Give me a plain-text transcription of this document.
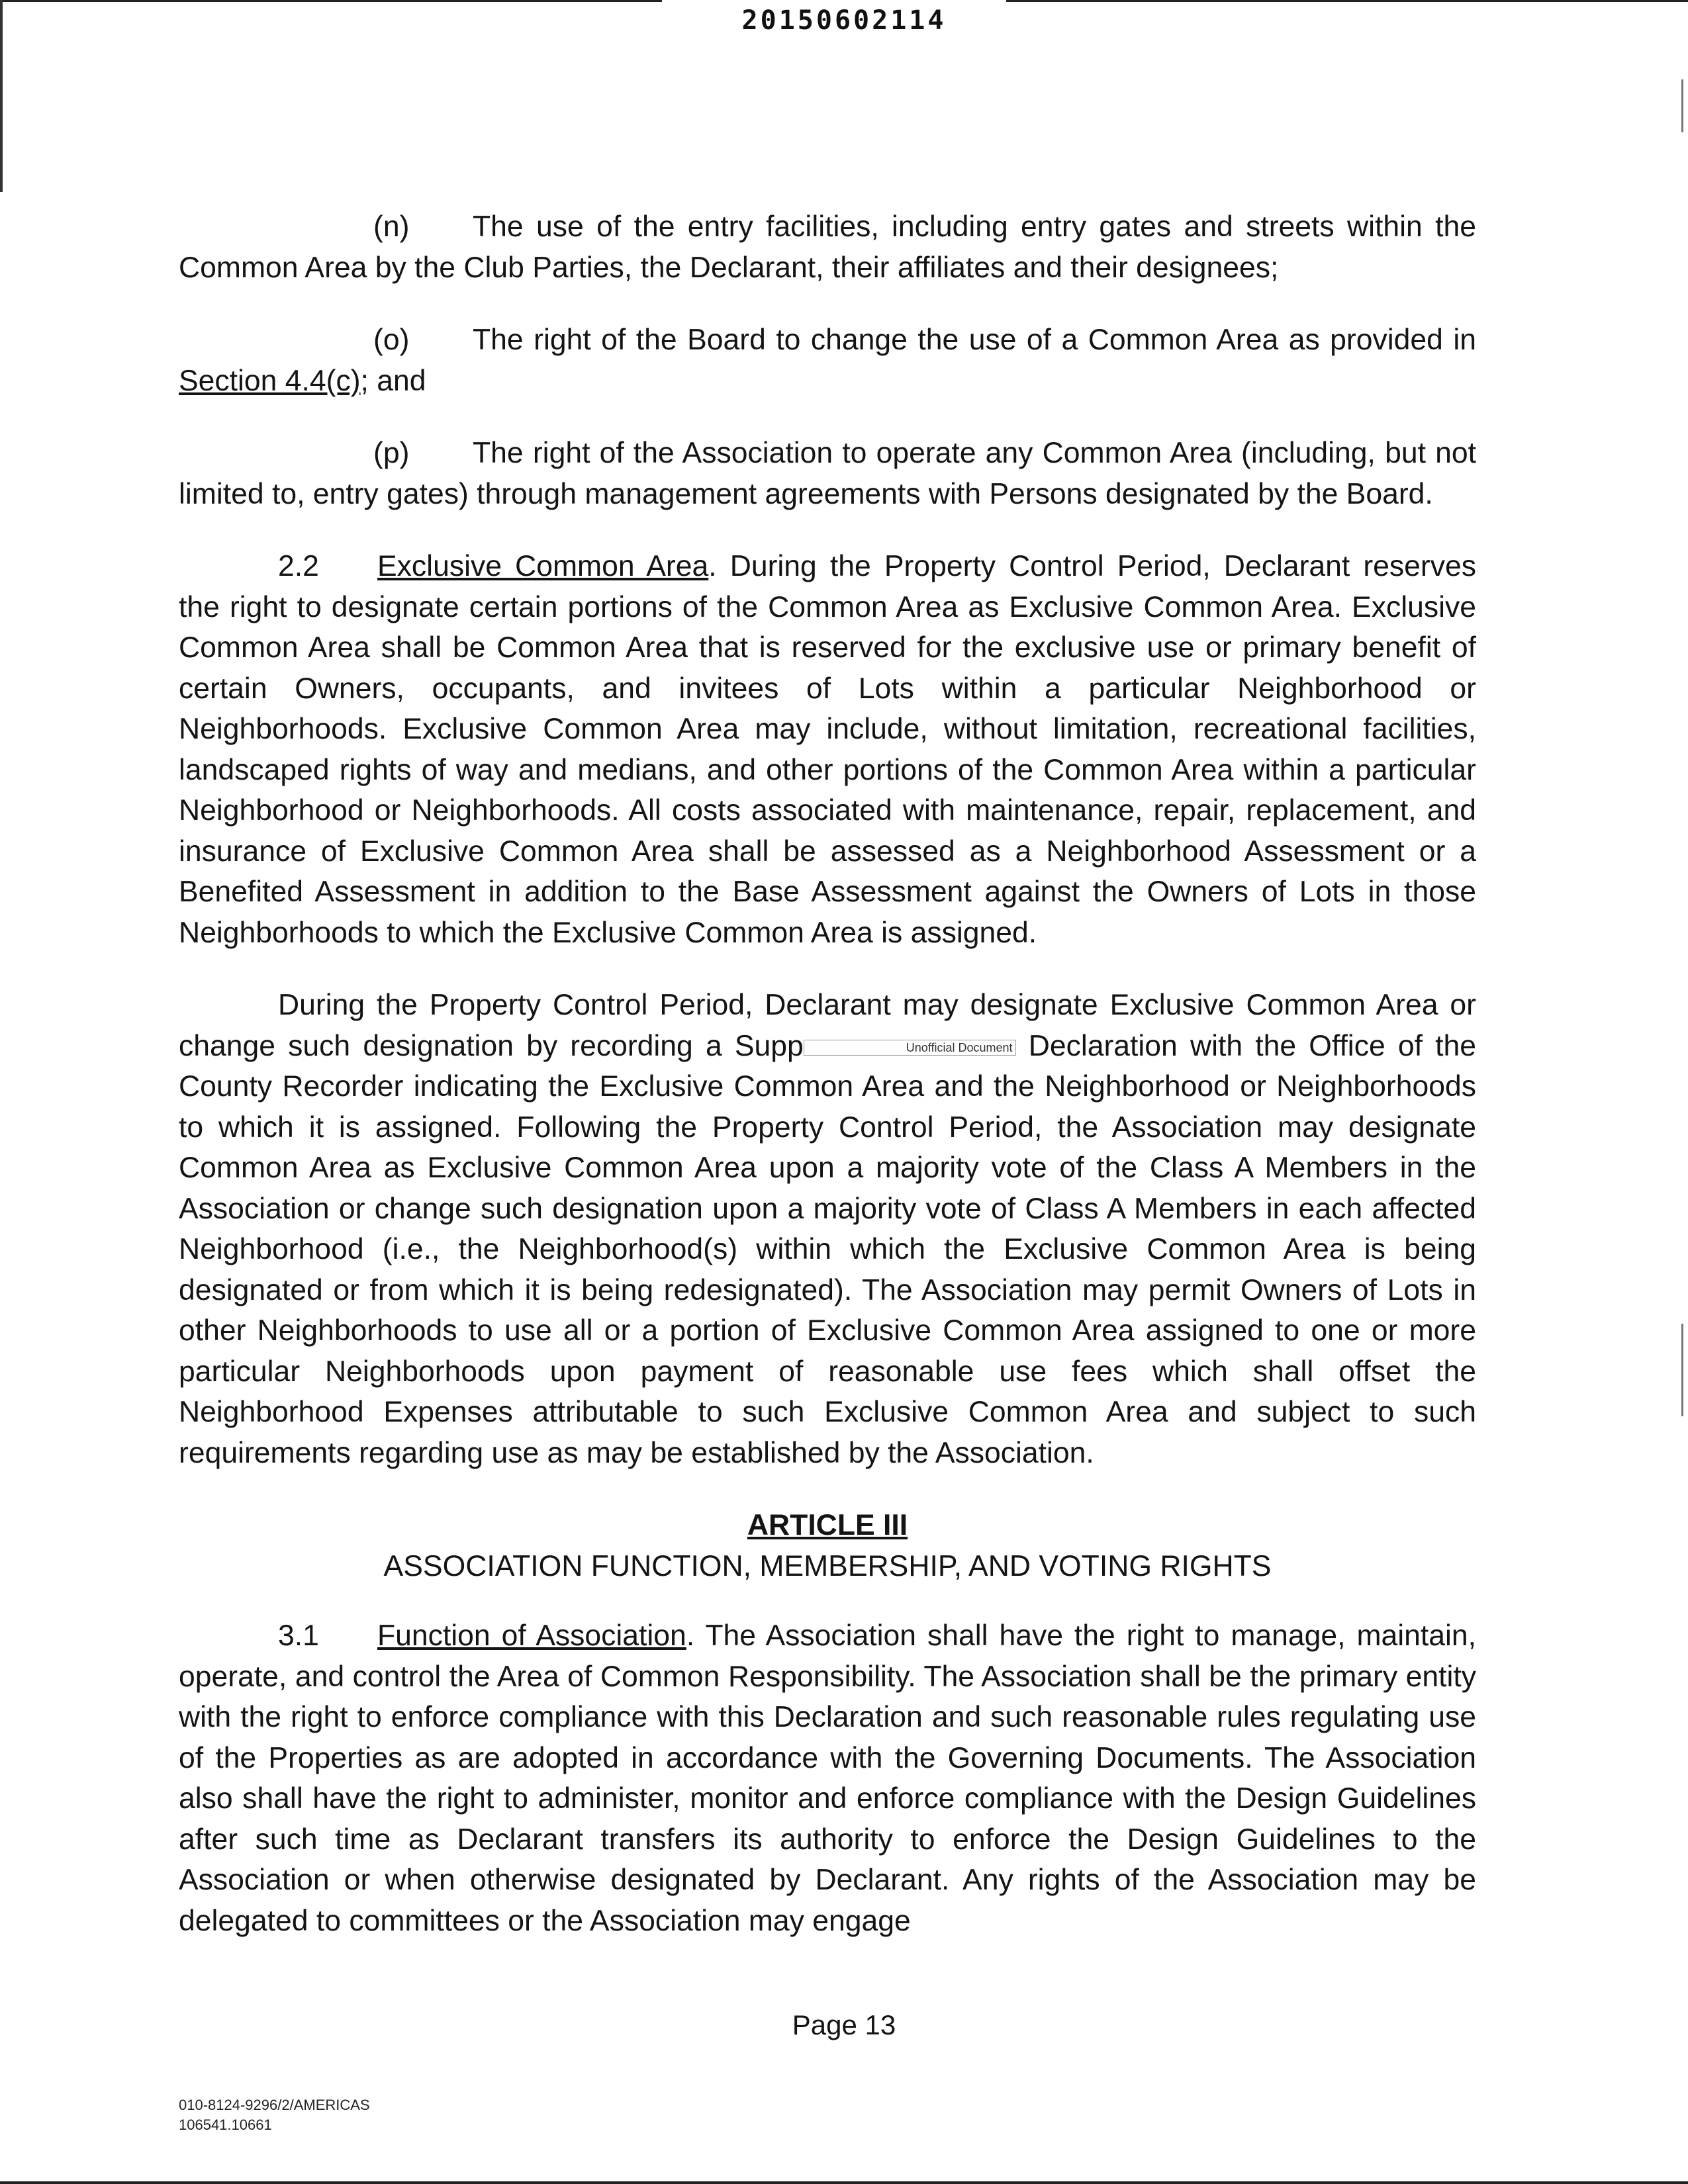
20150602114

(n) The use of the entry facilities, including entry gates and streets within the Common Area by the Club Parties, the Declarant, their affiliates and their designees;

(o) The right of the Board to change the use of a Common Area as provided in Section 4.4(c); and

(p) The right of the Association to operate any Common Area (including, but not limited to, entry gates) through management agreements with Persons designated by the Board.

2.2 Exclusive Common Area. During the Property Control Period, Declarant reserves the right to designate certain portions of the Common Area as Exclusive Common Area. Exclusive Common Area shall be Common Area that is reserved for the exclusive use or primary benefit of certain Owners, occupants, and invitees of Lots within a particular Neighborhood or Neighborhoods. Exclusive Common Area may include, without limitation, recreational facilities, landscaped rights of way and medians, and other portions of the Common Area within a particular Neighborhood or Neighborhoods. All costs associated with maintenance, repair, replacement, and insurance of Exclusive Common Area shall be assessed as a Neighborhood Assessment or a Benefited Assessment in addition to the Base Assessment against the Owners of Lots in those Neighborhoods to which the Exclusive Common Area is assigned.

During the Property Control Period, Declarant may designate Exclusive Common Area or change such designation by recording a Supp	Unofficial Document Declaration with the Office of the County Recorder indicating the Exclusive Common Area and the Neighborhood or Neighborhoods to which it is assigned. Following the Property Control Period, the Association may designate Common Area as Exclusive Common Area upon a majority vote of the Class A Members in the Association or change such designation upon a majority vote of Class A Members in each affected Neighborhood (i.e., the Neighborhood(s) within which the Exclusive Common Area is being designated or from which it is being redesignated). The Association may permit Owners of Lots in other Neighborhoods to use all or a portion of Exclusive Common Area assigned to one or more particular Neighborhoods upon payment of reasonable use fees which shall offset the Neighborhood Expenses attributable to such Exclusive Common Area and subject to such requirements regarding use as may be established by the Association.

ARTICLE III

ASSOCIATION FUNCTION, MEMBERSHIP, AND VOTING RIGHTS

3.1 Function of Association. The Association shall have the right to manage, maintain, operate, and control the Area of Common Responsibility. The Association shall be the primary entity with the right to enforce compliance with this Declaration and such reasonable rules regulating use of the Properties as are adopted in accordance with the Governing Documents. The Association also shall have the right to administer, monitor and enforce compliance with the Design Guidelines after such time as Declarant transfers its authority to enforce the Design Guidelines to the Association or when otherwise designated by Declarant. Any rights of the Association may be delegated to committees or the Association may engage

Page 13
010-8124-9296/2/AMERICAS
106541.10661
